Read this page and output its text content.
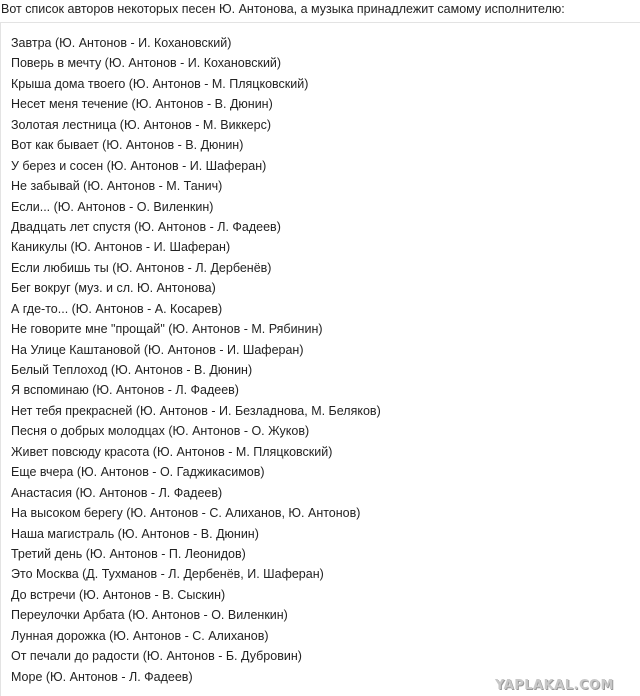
Вот список авторов некоторых песен Ю. Антонова, а музыка принадлежит самому исполнителю:
Завтра (Ю. Антонов - И. Кохановский)
Поверь в мечту (Ю. Антонов - И. Кохановский)
Крыша дома твоего (Ю. Антонов - М. Пляцковский)
Несет меня течение (Ю. Антонов - В. Дюнин)
Золотая лестница (Ю. Антонов - М. Виккерс)
Вот как бывает (Ю. Антонов - В. Дюнин)
У берез и сосен (Ю. Антонов - И. Шаферан)
Не забывай (Ю. Антонов - М. Танич)
Если... (Ю. Антонов - О. Виленкин)
Двадцать лет спустя (Ю. Антонов - Л. Фадеев)
Каникулы (Ю. Антонов - И. Шаферан)
Если любишь ты (Ю. Антонов - Л. Дербенёв)
Бег вокруг (муз. и сл. Ю. Антонова)
А где-то... (Ю. Антонов - А. Косарев)
Не говорите мне "прощай" (Ю. Антонов - М. Рябинин)
На Улице Каштановой (Ю. Антонов - И. Шаферан)
Белый Теплоход (Ю. Антонов - В. Дюнин)
Я вспоминаю (Ю. Антонов - Л. Фадеев)
Нет тебя прекрасней (Ю. Антонов - И. Безладнова, М. Беляков)
Песня о добрых молодцах (Ю. Антонов - О. Жуков)
Живет повсюду красота (Ю. Антонов - М. Пляцковский)
Еще вчера (Ю. Антонов - О. Гаджикасимов)
Анастасия (Ю. Антонов - Л. Фадеев)
На высоком берегу (Ю. Антонов - С. Алиханов, Ю. Антонов)
Наша магистраль (Ю. Антонов - В. Дюнин)
Третий день (Ю. Антонов - П. Леонидов)
Это Москва (Д. Тухманов - Л. Дербенёв, И. Шаферан)
До встречи (Ю. Антонов - В. Сыскин)
Переулочки Арбата (Ю. Антонов - О. Виленкин)
Лунная дорожка (Ю. Антонов - С. Алиханов)
От печали до радости (Ю. Антонов - Б. Дубровин)
Море (Ю. Антонов - Л. Фадеев)
YAPLAKAL.COM
